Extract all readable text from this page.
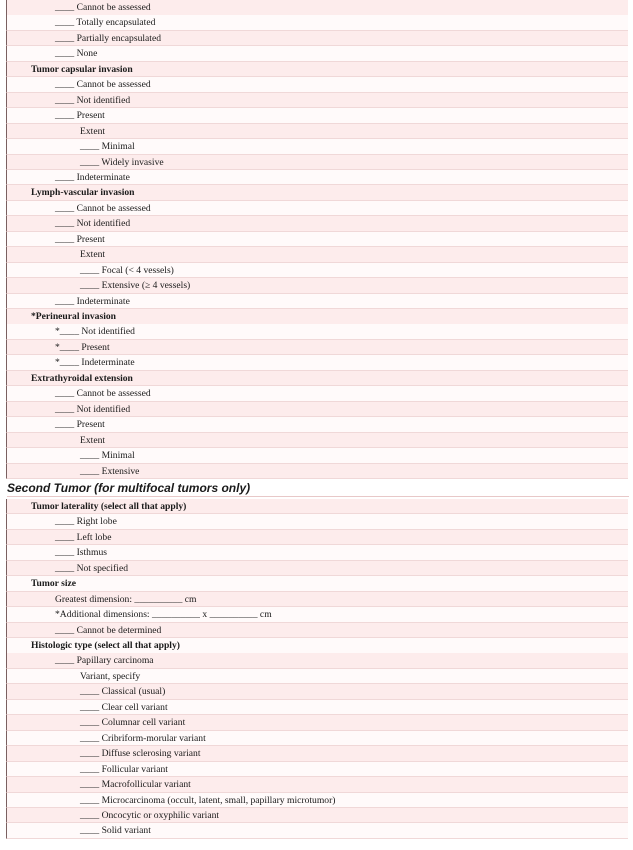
____ Cannot be assessed
____ Totally encapsulated
____ Partially encapsulated
____ None
Tumor capsular invasion
____ Cannot be assessed
____ Not identified
____ Present
Extent
____ Minimal
____ Widely invasive
____ Indeterminate
Lymph-vascular invasion
____ Cannot be assessed
____ Not identified
____ Present
Extent
____ Focal (< 4 vessels)
____ Extensive (≥ 4 vessels)
____ Indeterminate
*Perineural invasion
*____ Not identified
*____ Present
*____ Indeterminate
Extrathyroidal extension
____ Cannot be assessed
____ Not identified
____ Present
Extent
____ Minimal
____ Extensive
Second Tumor (for multifocal tumors only)
Tumor laterality (select all that apply)
____ Right lobe
____ Left lobe
____ Isthmus
____ Not specified
Tumor size
Greatest dimension: __________ cm
*Additional dimensions: __________ x __________ cm
____ Cannot be determined
Histologic type (select all that apply)
____ Papillary carcinoma
Variant, specify
____ Classical (usual)
____ Clear cell variant
____ Columnar cell variant
____ Cribriform-morular variant
____ Diffuse sclerosing variant
____ Follicular variant
____ Macrofollicular variant
____ Microcarcinoma (occult, latent, small, papillary microtumor)
____ Oncocytic or oxyphilic variant
____ Solid variant
